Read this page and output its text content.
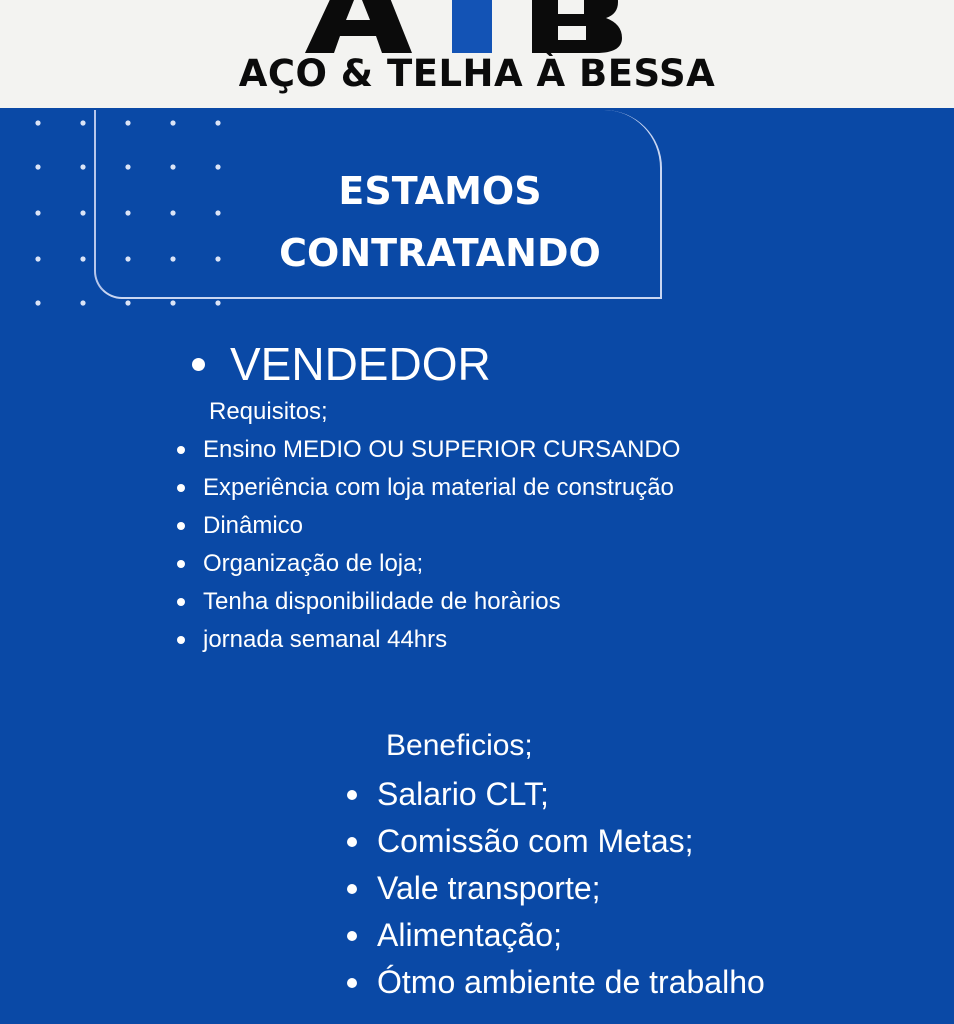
AÇO & TELHA À BESSA
ESTAMOS
CONTRATANDO
VENDEDOR
Requisitos;
Ensino MEDIO OU SUPERIOR CURSANDO
Experiência com loja material de construção
Dinâmico
Organização de loja;
Tenha disponibilidade de horàrios
jornada semanal 44hrs
Beneficios;
Salario CLT;
Comissão com Metas;
Vale transporte;
Alimentação;
Ótmo ambiente de trabalho
